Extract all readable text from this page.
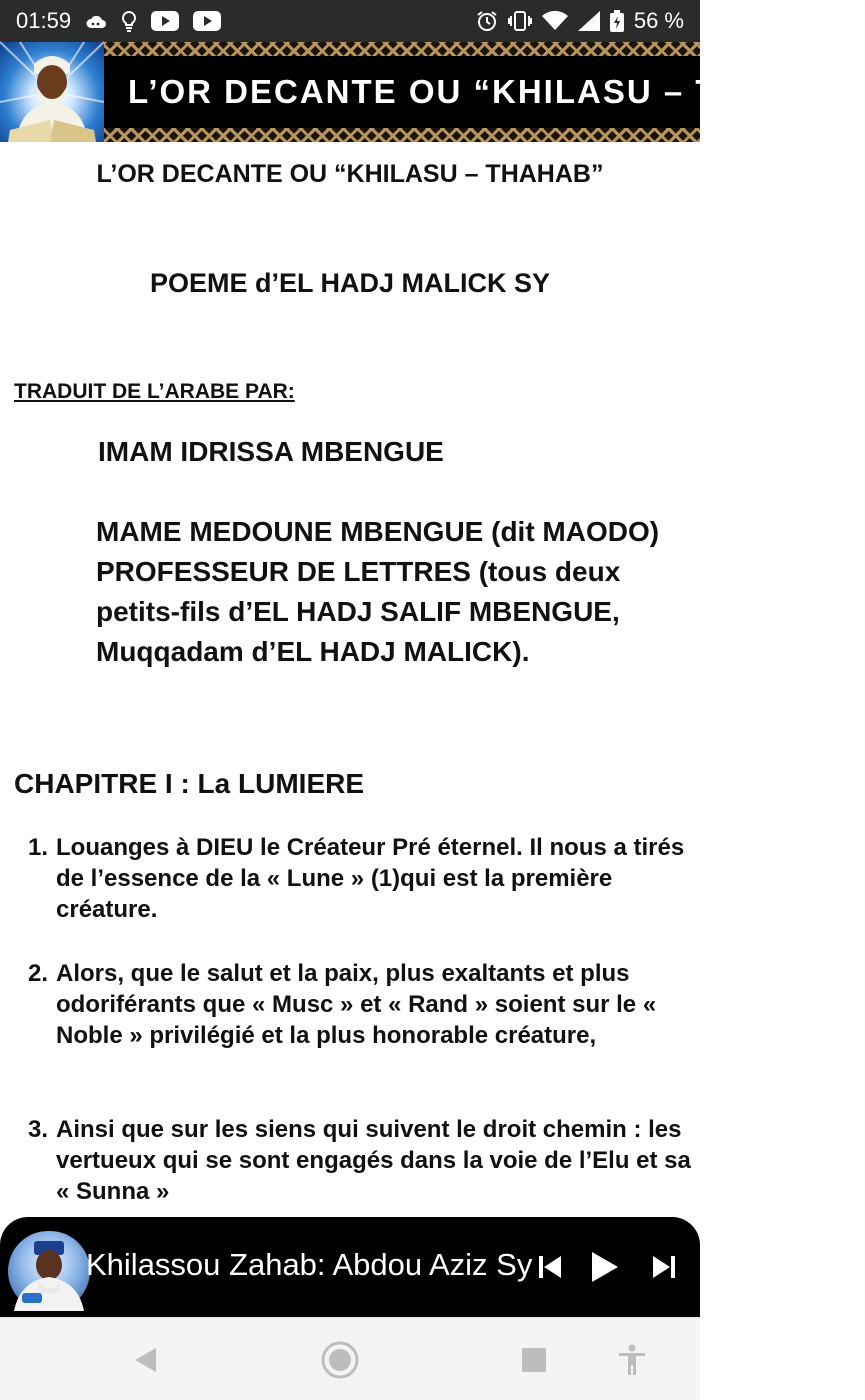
01:59	56 %
L’OR DECANTE OU “KHILASU – THAHAB”
L’OR DECANTE OU “KHILASU – THAHAB”
POEME d’EL HADJ MALICK SY
TRADUIT DE L’ARABE PAR:
IMAM IDRISSA MBENGUE
MAME MEDOUNE MBENGUE (dit MAODO) PROFESSEUR DE LETTRES (tous deux petits-fils d’EL HADJ SALIF MBENGUE, Muqqadam d’EL HADJ MALICK).
CHAPITRE I : La LUMIERE
1. Louanges à DIEU le Créateur Pré éternel. Il nous a tirés de l’essence de la « Lune » (1)qui est la première créature.
2. Alors, que le salut et la paix, plus exaltants et plus odoriférants que « Musc » et « Rand » soient sur le « Noble » privilégié et la plus honorable créature,
3. Ainsi que sur les siens qui suivent le droit chemin : les vertueux qui se sont engagés dans la voie de l’Elu et sa « Sunna »
Khilassou Zahab: Abdou Aziz Sy
